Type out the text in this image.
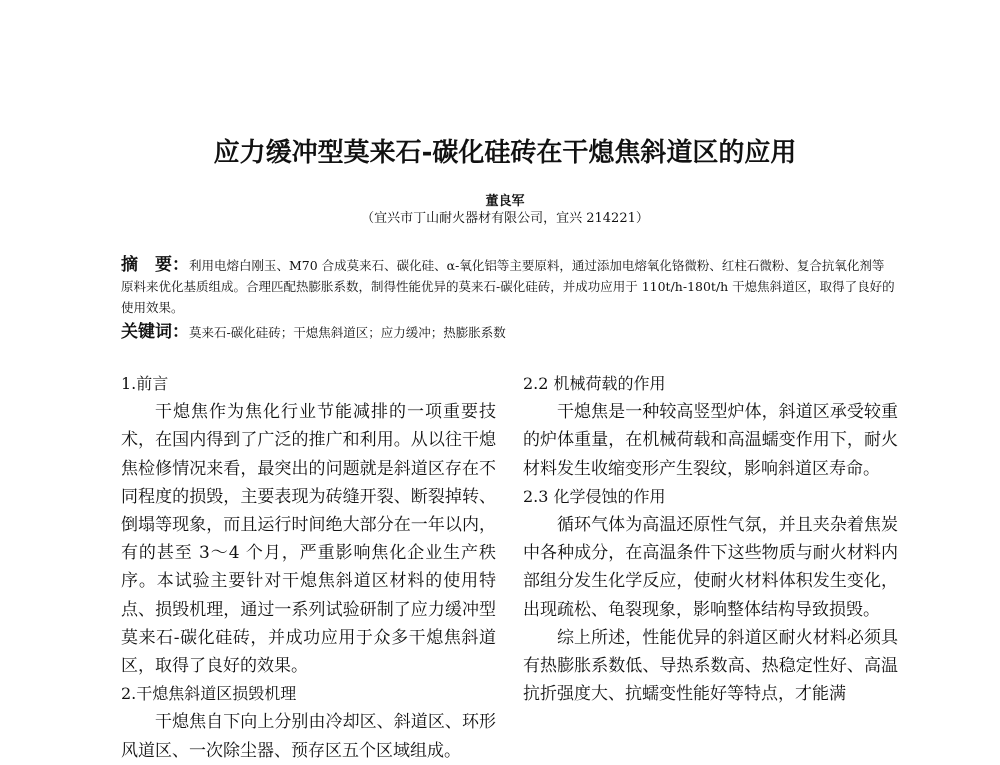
应力缓冲型莫来石-碳化硅砖在干熄焦斜道区的应用
董良军
（宜兴市丁山耐火器材有限公司，宜兴 214221）
摘　要：利用电熔白刚玉、M70 合成莫来石、碳化硅、α-氧化铝等主要原料，通过添加电熔氧化铬微粉、红柱石微粉、复合抗氧化剂等原料来优化基质组成。合理匹配热膨胀系数，制得性能优异的莫来石-碳化硅砖，并成功应用于 110t/h-180t/h 干熄焦斜道区，取得了良好的使用效果。
关键词：莫来石-碳化硅砖；干熄焦斜道区；应力缓冲；热膨胀系数

1.前言

干熄焦作为焦化行业节能减排的一项重要技术，在国内得到了广泛的推广和利用。从以往干熄焦检修情况来看，最突出的问题就是斜道区存在不同程度的损毁，主要表现为砖缝开裂、断裂掉转、倒塌等现象，而且运行时间绝大部分在一年以内，有的甚至 3～4 个月，严重影响焦化企业生产秩序。本试验主要针对干熄焦斜道区材料的使用特点、损毁机理，通过一系列试验研制了应力缓冲型莫来石-碳化硅砖，并成功应用于众多干熄焦斜道区，取得了良好的效果。

2.干熄焦斜道区损毁机理

干熄焦自下向上分别由冷却区、斜道区、环形风道区、一次除尘器、预存区五个区域组成。

2.2 机械荷载的作用

干熄焦是一种较高竖型炉体，斜道区承受较重的炉体重量，在机械荷载和高温蠕变作用下，耐火材料发生收缩变形产生裂纹，影响斜道区寿命。

2.3 化学侵蚀的作用

循环气体为高温还原性气氛，并且夹杂着焦炭中各种成分，在高温条件下这些物质与耐火材料内部组分发生化学反应，使耐火材料体积发生变化，出现疏松、龟裂现象，影响整体结构导致损毁。

综上所述，性能优异的斜道区耐火材料必须具有热膨胀系数低、导热系数高、热稳定性好、高温抗折强度大、抗蠕变性能好等特点，才能满
